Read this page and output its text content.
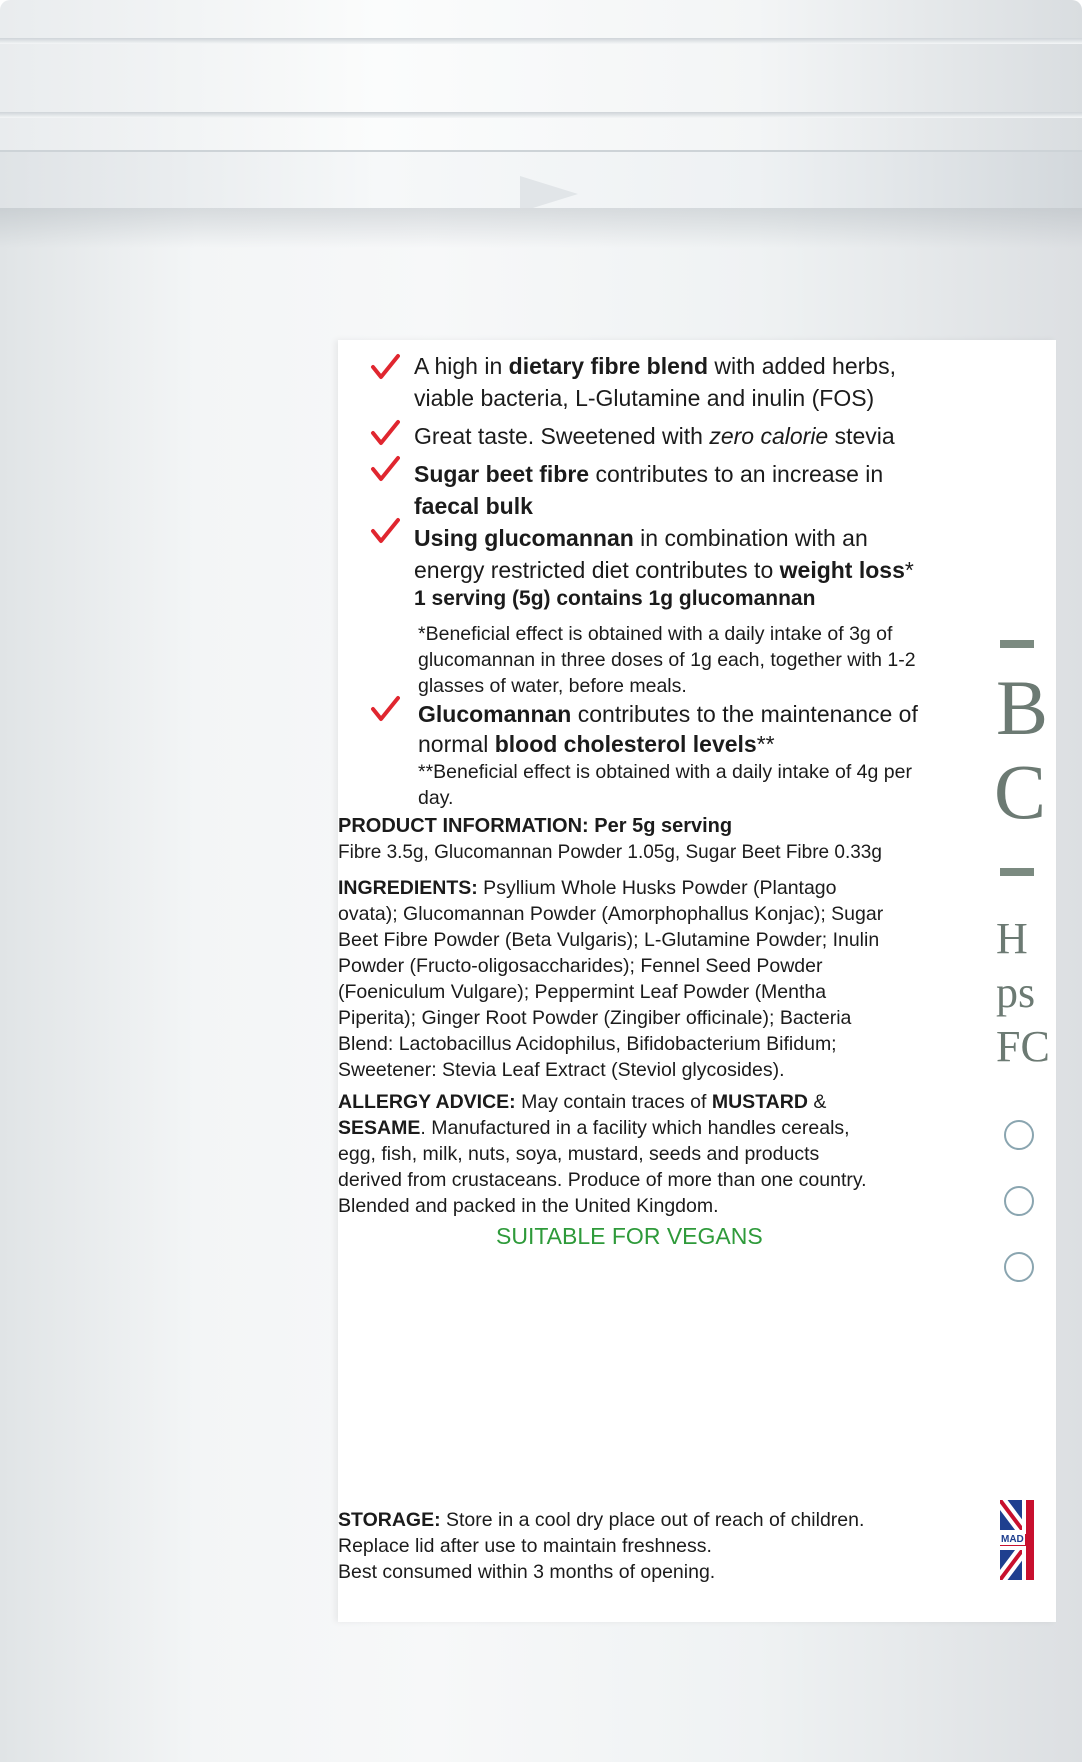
B
C
H
ps
FC
MAD
A high in dietary fibre blend with added herbs,
viable bacteria, L-Glutamine and inulin (FOS)
Great taste. Sweetened with zero calorie stevia
Sugar beet fibre contributes to an increase in
faecal bulk
Using glucomannan in combination with an
energy restricted diet contributes to weight loss*
1 serving (5g) contains 1g glucomannan
*Beneficial effect is obtained with a daily intake of 3g of
glucomannan in three doses of 1g each, together with 1-2
glasses of water, before meals.
Glucomannan contributes to the maintenance of
normal blood cholesterol levels**
**Beneficial effect is obtained with a daily intake of 4g per
day.
PRODUCT INFORMATION: Per 5g serving
Fibre 3.5g, Glucomannan Powder 1.05g, Sugar Beet Fibre 0.33g
INGREDIENTS: Psyllium Whole Husks Powder (Plantago
ovata); Glucomannan Powder (Amorphophallus Konjac); Sugar
Beet Fibre Powder (Beta Vulgaris); L-Glutamine Powder; Inulin
Powder (Fructo-oligosaccharides); Fennel Seed Powder
(Foeniculum Vulgare); Peppermint Leaf Powder (Mentha
Piperita); Ginger Root Powder (Zingiber officinale); Bacteria
Blend: Lactobacillus Acidophilus, Bifidobacterium Bifidum;
Sweetener: Stevia Leaf Extract (Steviol glycosides).
ALLERGY ADVICE: May contain traces of MUSTARD &
SESAME. Manufactured in a facility which handles cereals,
egg, fish, milk, nuts, soya, mustard, seeds and products
derived from crustaceans. Produce of more than one country.
Blended and packed in the United Kingdom.
SUITABLE FOR VEGANS
STORAGE: Store in a cool dry place out of reach of children.
Replace lid after use to maintain freshness.
Best consumed within 3 months of opening.
